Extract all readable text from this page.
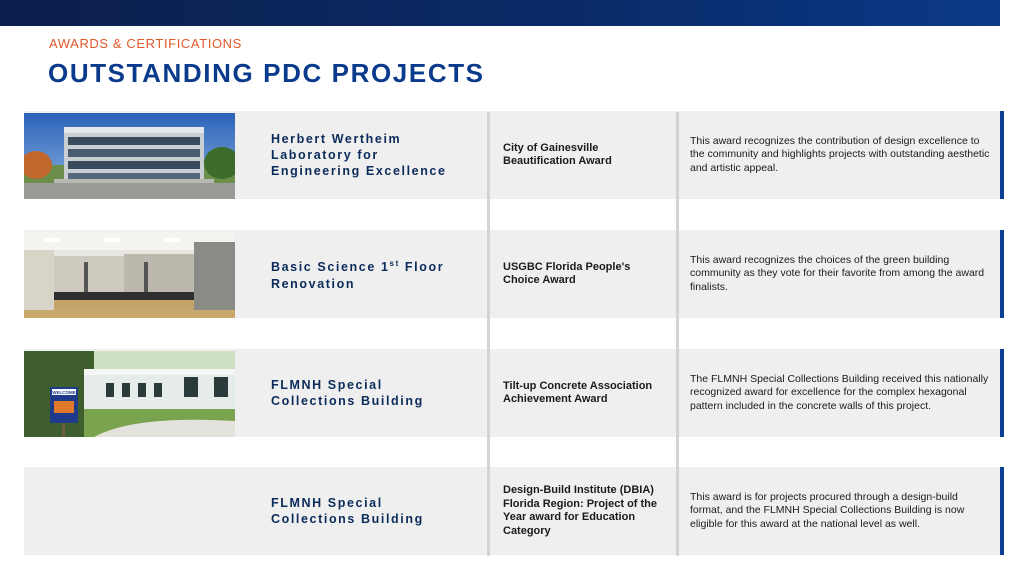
AWARDS & CERTIFICATIONS
OUTSTANDING PDC PROJECTS
Herbert Wertheim
Laboratory for
Engineering Excellence
City of Gainesville Beautification Award
This award recognizes the contribution of design excellence to the community and highlights projects with outstanding aesthetic and artistic appeal.
Basic Science 1st Floor
Renovation
USGBC Florida People's Choice Award
This award recognizes the choices of the green building community as they vote for their favorite from among the award finalists.
WELCOME
FLMNH Special
Collections Building
Tilt-up Concrete Association Achievement Award
The FLMNH Special Collections Building received this nationally recognized award for excellence for the complex hexagonal pattern included in the concrete walls of this project.
FLMNH Special
Collections Building
Design-Build Institute (DBIA) Florida Region: Project of the Year award for Education Category
This award is for projects procured through a design-build format, and the FLMNH Special Collections Building is now eligible for this award at the national level as well.
